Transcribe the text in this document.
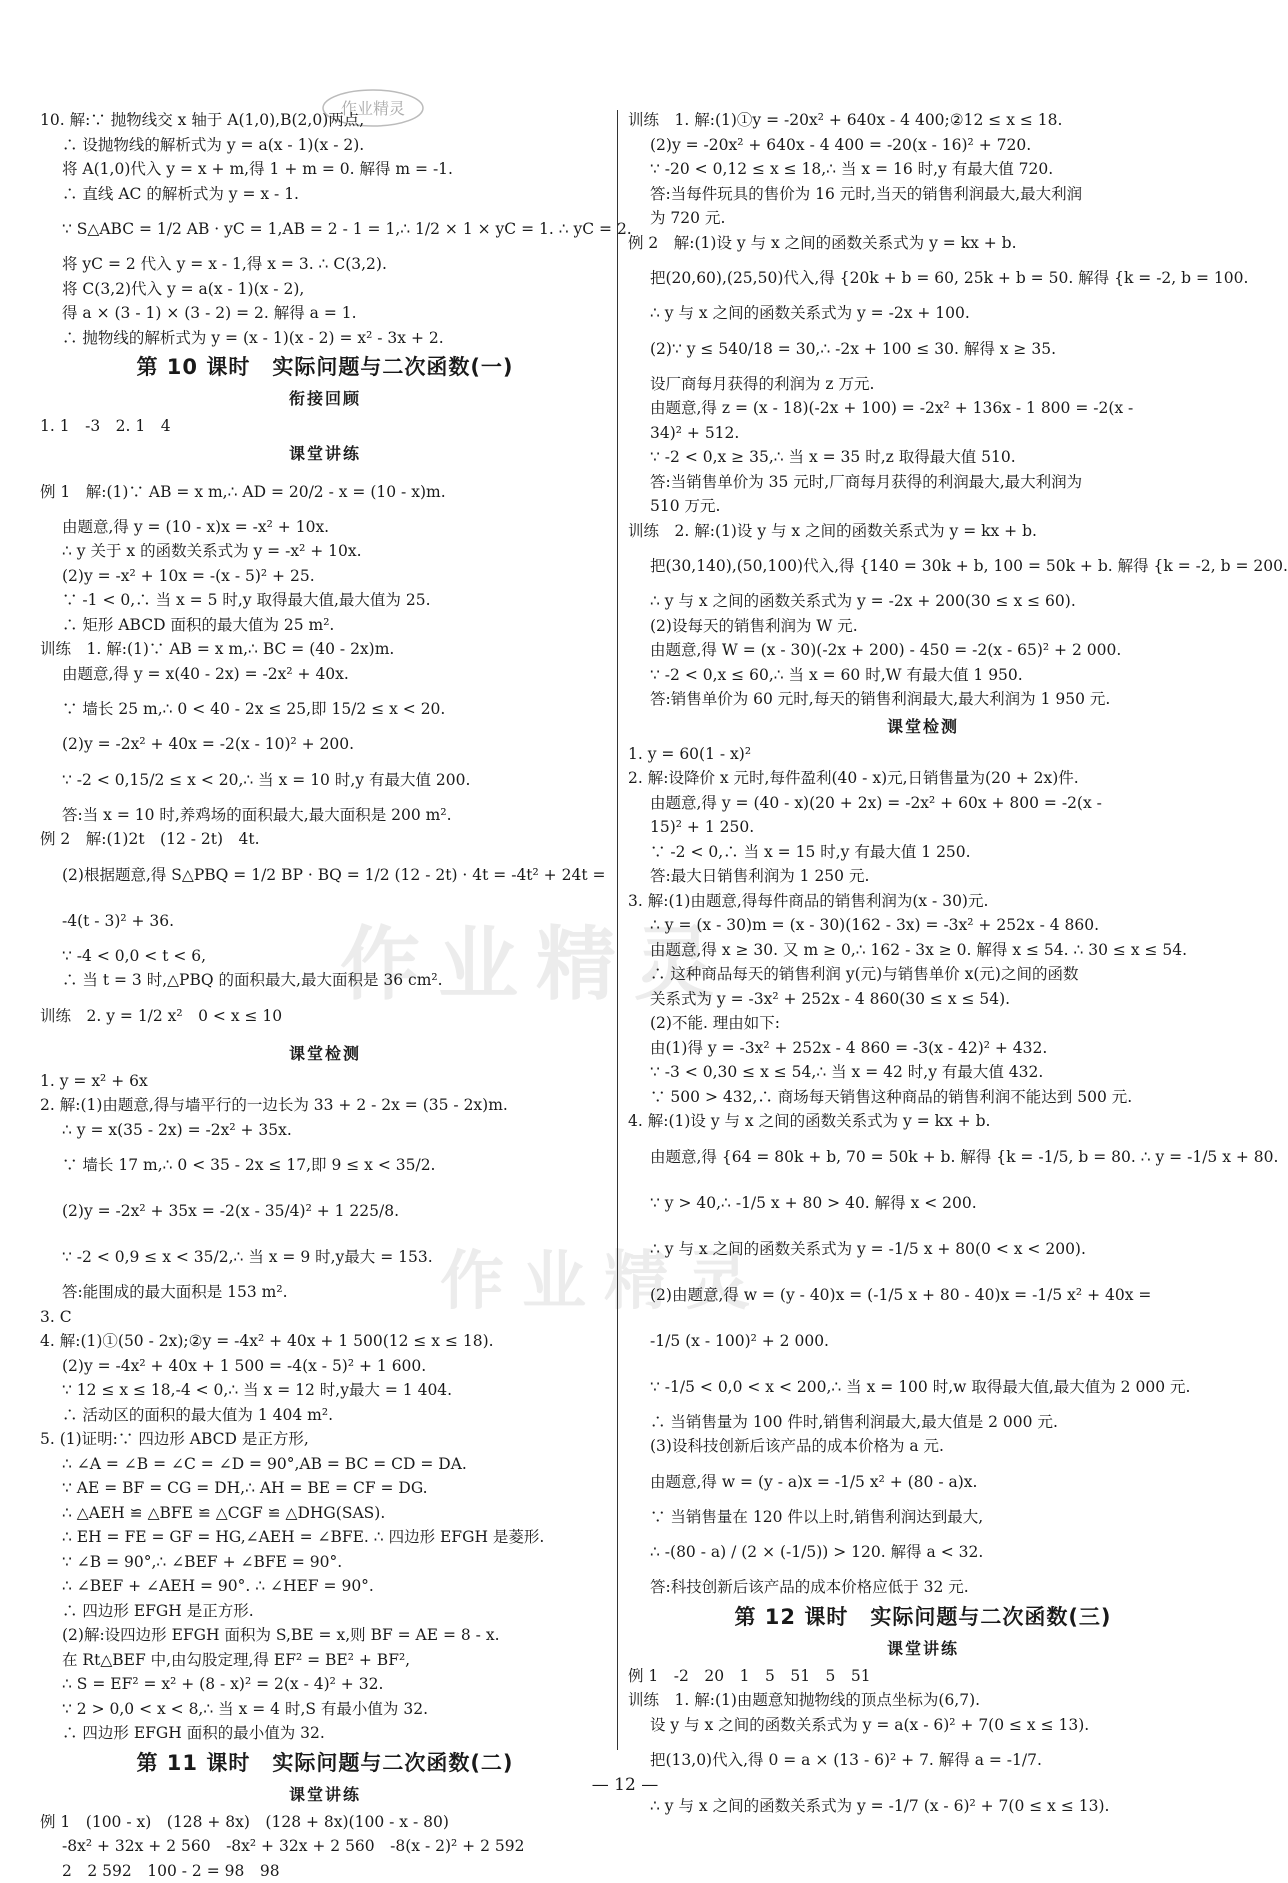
作业精灵
作业精灵
作业精灵
10. 解:∵ 抛物线交 x 轴于 A(1,0),B(2,0)两点,
∴ 设抛物线的解析式为 y = a(x - 1)(x - 2).
将 A(1,0)代入 y = x + m,得 1 + m = 0. 解得 m = -1.
∴ 直线 AC 的解析式为 y = x - 1.
∵ S△ABC = 1/2 AB · yC = 1,AB = 2 - 1 = 1,∴ 1/2 × 1 × yC = 1. ∴ yC = 2.
将 yC = 2 代入 y = x - 1,得 x = 3. ∴ C(3,2).
将 C(3,2)代入 y = a(x - 1)(x - 2),
得 a × (3 - 1) × (3 - 2) = 2. 解得 a = 1.
∴ 抛物线的解析式为 y = (x - 1)(x - 2) = x² - 3x + 2.
第 10 课时　实际问题与二次函数(一)
衔接回顾
1. 1　-3　2. 1　4
课堂讲练
例 1　解:(1)∵ AB = x m,∴ AD = 20/2 - x = (10 - x)m.
由题意,得 y = (10 - x)x = -x² + 10x.
∴ y 关于 x 的函数关系式为 y = -x² + 10x.
(2)y = -x² + 10x = -(x - 5)² + 25.
∵ -1 < 0,∴ 当 x = 5 时,y 取得最大值,最大值为 25.
∴ 矩形 ABCD 面积的最大值为 25 m².
训练　1. 解:(1)∵ AB = x m,∴ BC = (40 - 2x)m.
由题意,得 y = x(40 - 2x) = -2x² + 40x.
∵ 墙长 25 m,∴ 0 < 40 - 2x ≤ 25,即 15/2 ≤ x < 20.
(2)y = -2x² + 40x = -2(x - 10)² + 200.
∵ -2 < 0,15/2 ≤ x < 20,∴ 当 x = 10 时,y 有最大值 200.
答:当 x = 10 时,养鸡场的面积最大,最大面积是 200 m².
例 2　解:(1)2t　(12 - 2t)　4t.
(2)根据题意,得 S△PBQ = 1/2 BP · BQ = 1/2 (12 - 2t) · 4t = -4t² + 24t =
-4(t - 3)² + 36.
∵ -4 < 0,0 < t < 6,
∴ 当 t = 3 时,△PBQ 的面积最大,最大面积是 36 cm².
训练　2. y = 1/2 x²　0 < x ≤ 10
课堂检测
1. y = x² + 6x
2. 解:(1)由题意,得与墙平行的一边长为 33 + 2 - 2x = (35 - 2x)m.
∴ y = x(35 - 2x) = -2x² + 35x.
∵ 墙长 17 m,∴ 0 < 35 - 2x ≤ 17,即 9 ≤ x < 35/2.
(2)y = -2x² + 35x = -2(x - 35/4)² + 1 225/8.
∵ -2 < 0,9 ≤ x < 35/2,∴ 当 x = 9 时,y最大 = 153.
答:能围成的最大面积是 153 m².
3. C
4. 解:(1)①(50 - 2x);②y = -4x² + 40x + 1 500(12 ≤ x ≤ 18).
(2)y = -4x² + 40x + 1 500 = -4(x - 5)² + 1 600.
∵ 12 ≤ x ≤ 18,-4 < 0,∴ 当 x = 12 时,y最大 = 1 404.
∴ 活动区的面积的最大值为 1 404 m².
5. (1)证明:∵ 四边形 ABCD 是正方形,
∴ ∠A = ∠B = ∠C = ∠D = 90°,AB = BC = CD = DA.
∵ AE = BF = CG = DH,∴ AH = BE = CF = DG.
∴ △AEH ≌ △BFE ≌ △CGF ≌ △DHG(SAS).
∴ EH = FE = GF = HG,∠AEH = ∠BFE. ∴ 四边形 EFGH 是菱形.
∵ ∠B = 90°,∴ ∠BEF + ∠BFE = 90°.
∴ ∠BEF + ∠AEH = 90°. ∴ ∠HEF = 90°.
∴ 四边形 EFGH 是正方形.
(2)解:设四边形 EFGH 面积为 S,BE = x,则 BF = AE = 8 - x.
在 Rt△BEF 中,由勾股定理,得 EF² = BE² + BF²,
∴ S = EF² = x² + (8 - x)² = 2(x - 4)² + 32.
∵ 2 > 0,0 < x < 8,∴ 当 x = 4 时,S 有最小值为 32.
∴ 四边形 EFGH 面积的最小值为 32.
第 11 课时　实际问题与二次函数(二)
课堂讲练
例 1　(100 - x)　(128 + 8x)　(128 + 8x)(100 - x - 80)
-8x² + 32x + 2 560　-8x² + 32x + 2 560　-8(x - 2)² + 2 592
2　2 592　100 - 2 = 98　98
训练　1. 解:(1)①y = -20x² + 640x - 4 400;②12 ≤ x ≤ 18.
(2)y = -20x² + 640x - 4 400 = -20(x - 16)² + 720.
∵ -20 < 0,12 ≤ x ≤ 18,∴ 当 x = 16 时,y 有最大值 720.
答:当每件玩具的售价为 16 元时,当天的销售利润最大,最大利润
为 720 元.
例 2　解:(1)设 y 与 x 之间的函数关系式为 y = kx + b.
把(20,60),(25,50)代入,得 {20k + b = 60, 25k + b = 50. 解得 {k = -2, b = 100.
∴ y 与 x 之间的函数关系式为 y = -2x + 100.
(2)∵ y ≤ 540/18 = 30,∴ -2x + 100 ≤ 30. 解得 x ≥ 35.
设厂商每月获得的利润为 z 万元.
由题意,得 z = (x - 18)(-2x + 100) = -2x² + 136x - 1 800 = -2(x -
34)² + 512.
∵ -2 < 0,x ≥ 35,∴ 当 x = 35 时,z 取得最大值 510.
答:当销售单价为 35 元时,厂商每月获得的利润最大,最大利润为
510 万元.
训练　2. 解:(1)设 y 与 x 之间的函数关系式为 y = kx + b.
把(30,140),(50,100)代入,得 {140 = 30k + b, 100 = 50k + b. 解得 {k = -2, b = 200.
∴ y 与 x 之间的函数关系式为 y = -2x + 200(30 ≤ x ≤ 60).
(2)设每天的销售利润为 W 元.
由题意,得 W = (x - 30)(-2x + 200) - 450 = -2(x - 65)² + 2 000.
∵ -2 < 0,x ≤ 60,∴ 当 x = 60 时,W 有最大值 1 950.
答:销售单价为 60 元时,每天的销售利润最大,最大利润为 1 950 元.
课堂检测
1. y = 60(1 - x)²
2. 解:设降价 x 元时,每件盈利(40 - x)元,日销售量为(20 + 2x)件.
由题意,得 y = (40 - x)(20 + 2x) = -2x² + 60x + 800 = -2(x -
15)² + 1 250.
∵ -2 < 0,∴ 当 x = 15 时,y 有最大值 1 250.
答:最大日销售利润为 1 250 元.
3. 解:(1)由题意,得每件商品的销售利润为(x - 30)元.
∴ y = (x - 30)m = (x - 30)(162 - 3x) = -3x² + 252x - 4 860.
由题意,得 x ≥ 30. 又 m ≥ 0,∴ 162 - 3x ≥ 0. 解得 x ≤ 54. ∴ 30 ≤ x ≤ 54.
∴ 这种商品每天的销售利润 y(元)与销售单价 x(元)之间的函数
关系式为 y = -3x² + 252x - 4 860(30 ≤ x ≤ 54).
(2)不能. 理由如下:
由(1)得 y = -3x² + 252x - 4 860 = -3(x - 42)² + 432.
∵ -3 < 0,30 ≤ x ≤ 54,∴ 当 x = 42 时,y 有最大值 432.
∵ 500 > 432,∴ 商场每天销售这种商品的销售利润不能达到 500 元.
4. 解:(1)设 y 与 x 之间的函数关系式为 y = kx + b.
由题意,得 {64 = 80k + b, 70 = 50k + b. 解得 {k = -1/5, b = 80. ∴ y = -1/5 x + 80.
∵ y > 40,∴ -1/5 x + 80 > 40. 解得 x < 200.
∴ y 与 x 之间的函数关系式为 y = -1/5 x + 80(0 < x < 200).
(2)由题意,得 w = (y - 40)x = (-1/5 x + 80 - 40)x = -1/5 x² + 40x =
-1/5 (x - 100)² + 2 000.
∵ -1/5 < 0,0 < x < 200,∴ 当 x = 100 时,w 取得最大值,最大值为 2 000 元.
∴ 当销售量为 100 件时,销售利润最大,最大值是 2 000 元.
(3)设科技创新后该产品的成本价格为 a 元.
由题意,得 w = (y - a)x = -1/5 x² + (80 - a)x.
∵ 当销售量在 120 件以上时,销售利润达到最大,
∴ -(80 - a) / (2 × (-1/5)) > 120. 解得 a < 32.
答:科技创新后该产品的成本价格应低于 32 元.
第 12 课时　实际问题与二次函数(三)
课堂讲练
例 1　-2　20　1　5　51　5　51
训练　1. 解:(1)由题意知抛物线的顶点坐标为(6,7).
设 y 与 x 之间的函数关系式为 y = a(x - 6)² + 7(0 ≤ x ≤ 13).
把(13,0)代入,得 0 = a × (13 - 6)² + 7. 解得 a = -1/7.
∴ y 与 x 之间的函数关系式为 y = -1/7 (x - 6)² + 7(0 ≤ x ≤ 13).
— 12 —
